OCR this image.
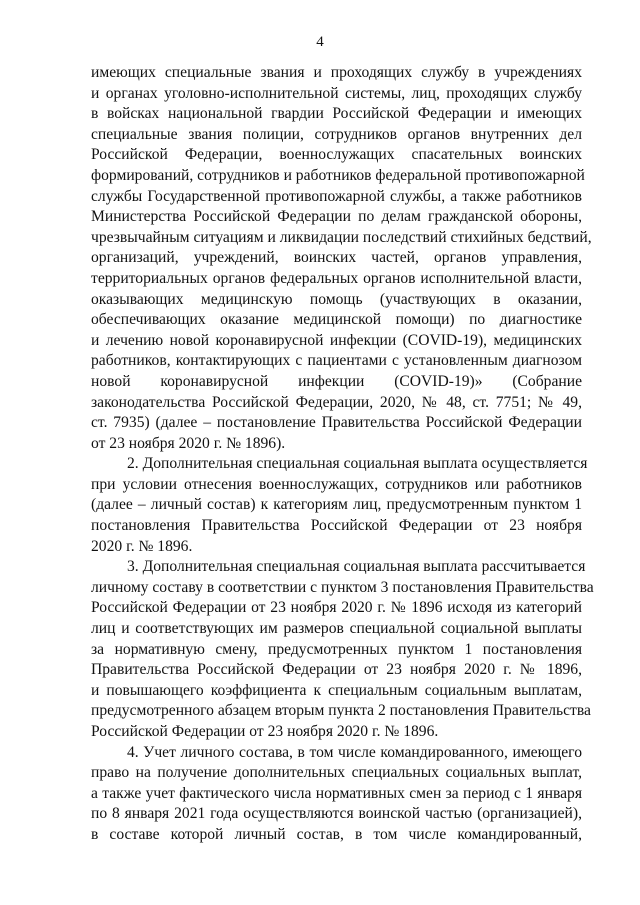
4
имеющих специальные звания и проходящих службу в учреждениях
и органах уголовно-исполнительной системы, лиц, проходящих службу
в войсках национальной гвардии Российской Федерации и имеющих
специальные звания полиции, сотрудников органов внутренних дел
Российской Федерации, военнослужащих спасательных воинских
формирований, сотрудников и работников федеральной противопожарной
службы Государственной противопожарной службы, а также работников
Министерства Российской Федерации по делам гражданской обороны,
чрезвычайным ситуациям и ликвидации последствий стихийных бедствий,
организаций, учреждений, воинских частей, органов управления,
территориальных органов федеральных органов исполнительной власти,
оказывающих медицинскую помощь (участвующих в оказании,
обеспечивающих оказание медицинской помощи) по диагностике
и лечению новой коронавирусной инфекции (COVID-19), медицинских
работников, контактирующих с пациентами с установленным диагнозом
новой коронавирусной инфекции (COVID-19)» (Собрание
законодательства Российской Федерации, 2020, № 48, ст. 7751; № 49,
ст. 7935) (далее – постановление Правительства Российской Федерации
от 23 ноября 2020 г. № 1896).
2. Дополнительная специальная социальная выплата осуществляется
при условии отнесения военнослужащих, сотрудников или работников
(далее – личный состав) к категориям лиц, предусмотренным пунктом 1
постановления Правительства Российской Федерации от 23 ноября
2020 г. № 1896.
3. Дополнительная специальная социальная выплата рассчитывается
личному составу в соответствии с пунктом 3 постановления Правительства
Российской Федерации от 23 ноября 2020 г. № 1896 исходя из категорий
лиц и соответствующих им размеров специальной социальной выплаты
за нормативную смену, предусмотренных пунктом 1 постановления
Правительства Российской Федерации от 23 ноября 2020 г. № 1896,
и повышающего коэффициента к специальным социальным выплатам,
предусмотренного абзацем вторым пункта 2 постановления Правительства
Российской Федерации от 23 ноября 2020 г. № 1896.
4. Учет личного состава, в том числе командированного, имеющего
право на получение дополнительных специальных социальных выплат,
а также учет фактического числа нормативных смен за период с 1 января
по 8 января 2021 года осуществляются воинской частью (организацией),
в составе которой личный состав, в том числе командированный,
